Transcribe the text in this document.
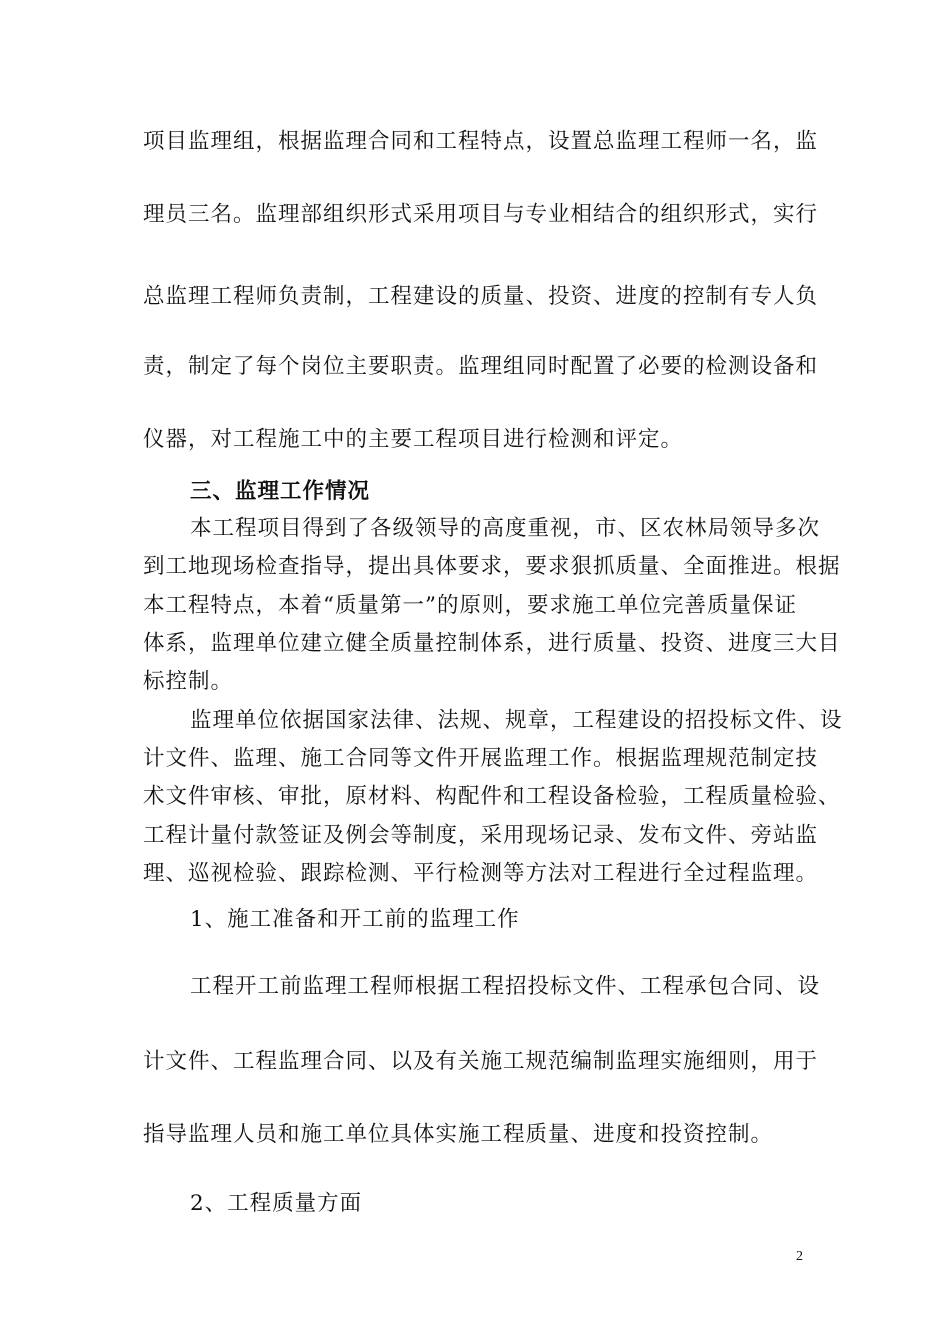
项目监理组，根据监理合同和工程特点，设置总监理工程师一名，监
理员三名。监理部组织形式采用项目与专业相结合的组织形式，实行
总监理工程师负责制，工程建设的质量、投资、进度的控制有专人负
责，制定了每个岗位主要职责。监理组同时配置了必要的检测设备和
仪器，对工程施工中的主要工程项目进行检测和评定。
三、监理工作情况
本工程项目得到了各级领导的高度重视，市、区农林局领导多次
到工地现场检查指导，提出具体要求，要求狠抓质量、全面推进。根据
本工程特点，本着“质量第一”的原则，要求施工单位完善质量保证
体系，监理单位建立健全质量控制体系，进行质量、投资、进度三大目
标控制。
监理单位依据国家法律、法规、规章，工程建设的招投标文件、设
计文件、监理、施工合同等文件开展监理工作。根据监理规范制定技
术文件审核、审批，原材料、构配件和工程设备检验，工程质量检验、
工程计量付款签证及例会等制度，采用现场记录、发布文件、旁站监
理、巡视检验、跟踪检测、平行检测等方法对工程进行全过程监理。
1、施工准备和开工前的监理工作
工程开工前监理工程师根据工程招投标文件、工程承包合同、设
计文件、工程监理合同、以及有关施工规范编制监理实施细则，用于
指导监理人员和施工单位具体实施工程质量、进度和投资控制。
2、工程质量方面
2
